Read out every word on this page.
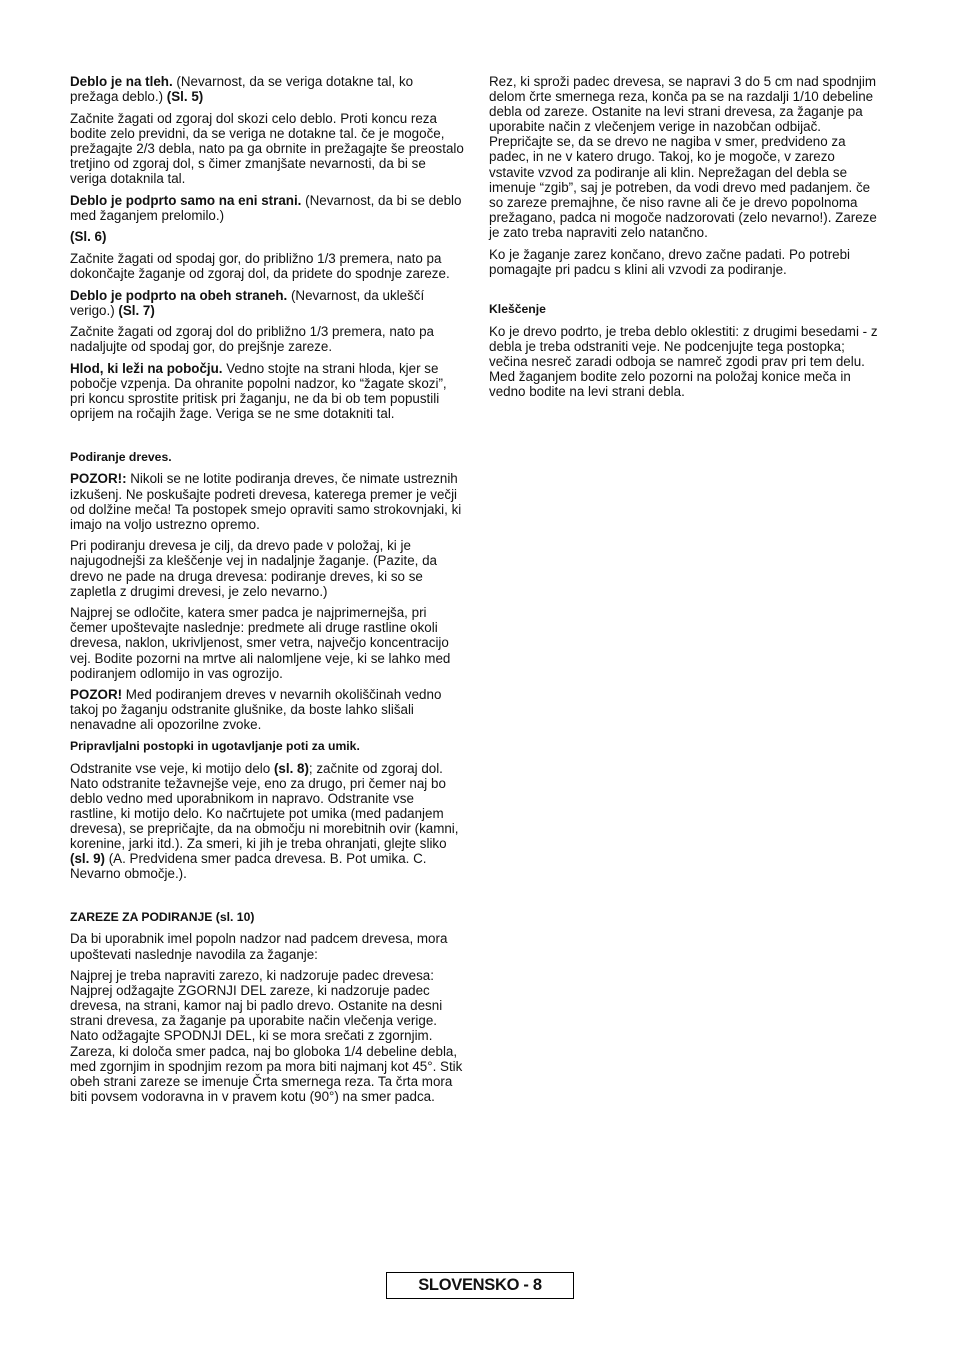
Deblo je na tleh. (Nevarnost, da se veriga dotakne tal, ko prežaga deblo.) (Sl. 5)

Začnite žagati od zgoraj dol skozi celo deblo. Proti koncu reza bodite zelo previdni, da se veriga ne dotakne tal. če je mogoče, prežagajte 2/3 debla, nato pa ga obrnite in prežagajte še preostalo tretjino od zgoraj dol, s čimer zmanjšate nevarnosti, da bi se veriga dotaknila tal.

Deblo je podprto samo na eni strani. (Nevarnost, da bi se deblo med žaganjem prelomilo.)

(Sl. 6)

Začnite žagati od spodaj gor, do približno 1/3 premera, nato pa dokončajte žaganje od zgoraj dol, da pridete do spodnje zareze.

Deblo je podprto na obeh straneh. (Nevarnost, da ukleščí verigo.) (Sl. 7)

Začnite žagati od zgoraj dol do približno 1/3 premera, nato pa nadaljujte od spodaj gor, do prejšnje zareze.

Hlod, ki leži na pobočju. Vedno stojte na strani hloda, kjer se pobočje vzpenja. Da ohranite popolni nadzor, ko “žagate skozi”, pri koncu sprostite pritisk pri žaganju, ne da bi ob tem popustili oprijem na ročajih žage. Veriga se ne sme dotakniti tal.

Podiranje dreves.

POZOR!: Nikoli se ne lotite podiranja dreves, če nimate ustreznih izkušenj. Ne poskušajte podreti drevesa, katerega premer je večji od dolžine meča! Ta postopek smejo opraviti samo strokovnjaki, ki imajo na voljo ustrezno opremo.

Pri podiranju drevesa je cilj, da drevo pade v položaj, ki je najugodnejši za kleščenje vej in nadaljnje žaganje. (Pazite, da drevo ne pade na druga drevesa: podiranje dreves, ki so se zapletla z drugimi drevesi, je zelo nevarno.)

Najprej se odločite, katera smer padca je najprimernejša, pri čemer upoštevajte naslednje: predmete ali druge rastline okoli drevesa, naklon, ukrivljenost, smer vetra, največjo koncentracijo vej. Bodite pozorni na mrtve ali nalomljene veje, ki se lahko med podiranjem odlomijo in vas ogrozijo.

POZOR! Med podiranjem dreves v nevarnih okoliščinah vedno takoj po žaganju odstranite glušnike, da boste lahko slišali nenavadne ali opozorilne zvoke.

Pripravljalni postopki in ugotavljanje poti za umik.

Odstranite vse veje, ki motijo delo (sl. 8); začnite od zgoraj dol. Nato odstranite težavnejše veje, eno za drugo, pri čemer naj bo deblo vedno med uporabnikom in napravo. Odstranite vse rastline, ki motijo delo. Ko načrtujete pot umika (med padanjem drevesa), se prepričajte, da na območju ni morebitnih ovir (kamni, korenine, jarki itd.). Za smeri, ki jih je treba ohranjati, glejte sliko (sl. 9) (A. Predvidena smer padca drevesa. B. Pot umika. C. Nevarno območje.).

ZAREZE ZA PODIRANJE (sl. 10)

Da bi uporabnik imel popoln nadzor nad padcem drevesa, mora upoštevati naslednje navodila za žaganje:

Najprej je treba napraviti zarezo, ki nadzoruje padec drevesa: Najprej odžagajte ZGORNJI DEL zareze, ki nadzoruje padec drevesa, na strani, kamor naj bi padlo drevo. Ostanite na desni strani drevesa, za žaganje pa uporabite način vlečenja verige. Nato odžagajte SPODNJI DEL, ki se mora srečati z zgornjim. Zareza, ki določa smer padca, naj bo globoka 1/4 debeline debla, med zgornjim in spodnjim rezom pa mora biti najmanj kot 45°. Stik obeh strani zareze se imenuje Črta smernega reza. Ta črta mora biti povsem vodoravna in v pravem kotu (90°) na smer padca.

Rez, ki sproži padec drevesa, se napravi 3 do 5 cm nad spodnjim delom črte smernega reza, konča pa se na razdalji 1/10 debeline debla od zareze. Ostanite na levi strani drevesa, za žaganje pa uporabite način z vlečenjem verige in nazobčan odbijač. Prepričajte se, da se drevo ne nagiba v smer, predvideno za padec, in ne v katero drugo. Takoj, ko je mogoče, v zarezo vstavite vzvod za podiranje ali klin. Neprežagan del debla se imenuje “zgib”, saj je potreben, da vodi drevo med padanjem. če so zareze premajhne, če niso ravne ali če je drevo popolnoma prežagano, padca ni mogoče nadzorovati (zelo nevarno!). Zareze je zato treba napraviti zelo natančno.

Ko je žaganje zarez končano, drevo začne padati. Po potrebi pomagajte pri padcu s klini ali vzvodi za podiranje.

Kleščenje

Ko je drevo podrto, je treba deblo oklestiti: z drugimi besedami - z debla je treba odstraniti veje. Ne podcenjujte tega postopka; večina nesreč zaradi odboja se namreč zgodi prav pri tem delu. Med žaganjem bodite zelo pozorni na položaj konice meča in vedno bodite na levi strani debla.

SLOVENSKO - 8
